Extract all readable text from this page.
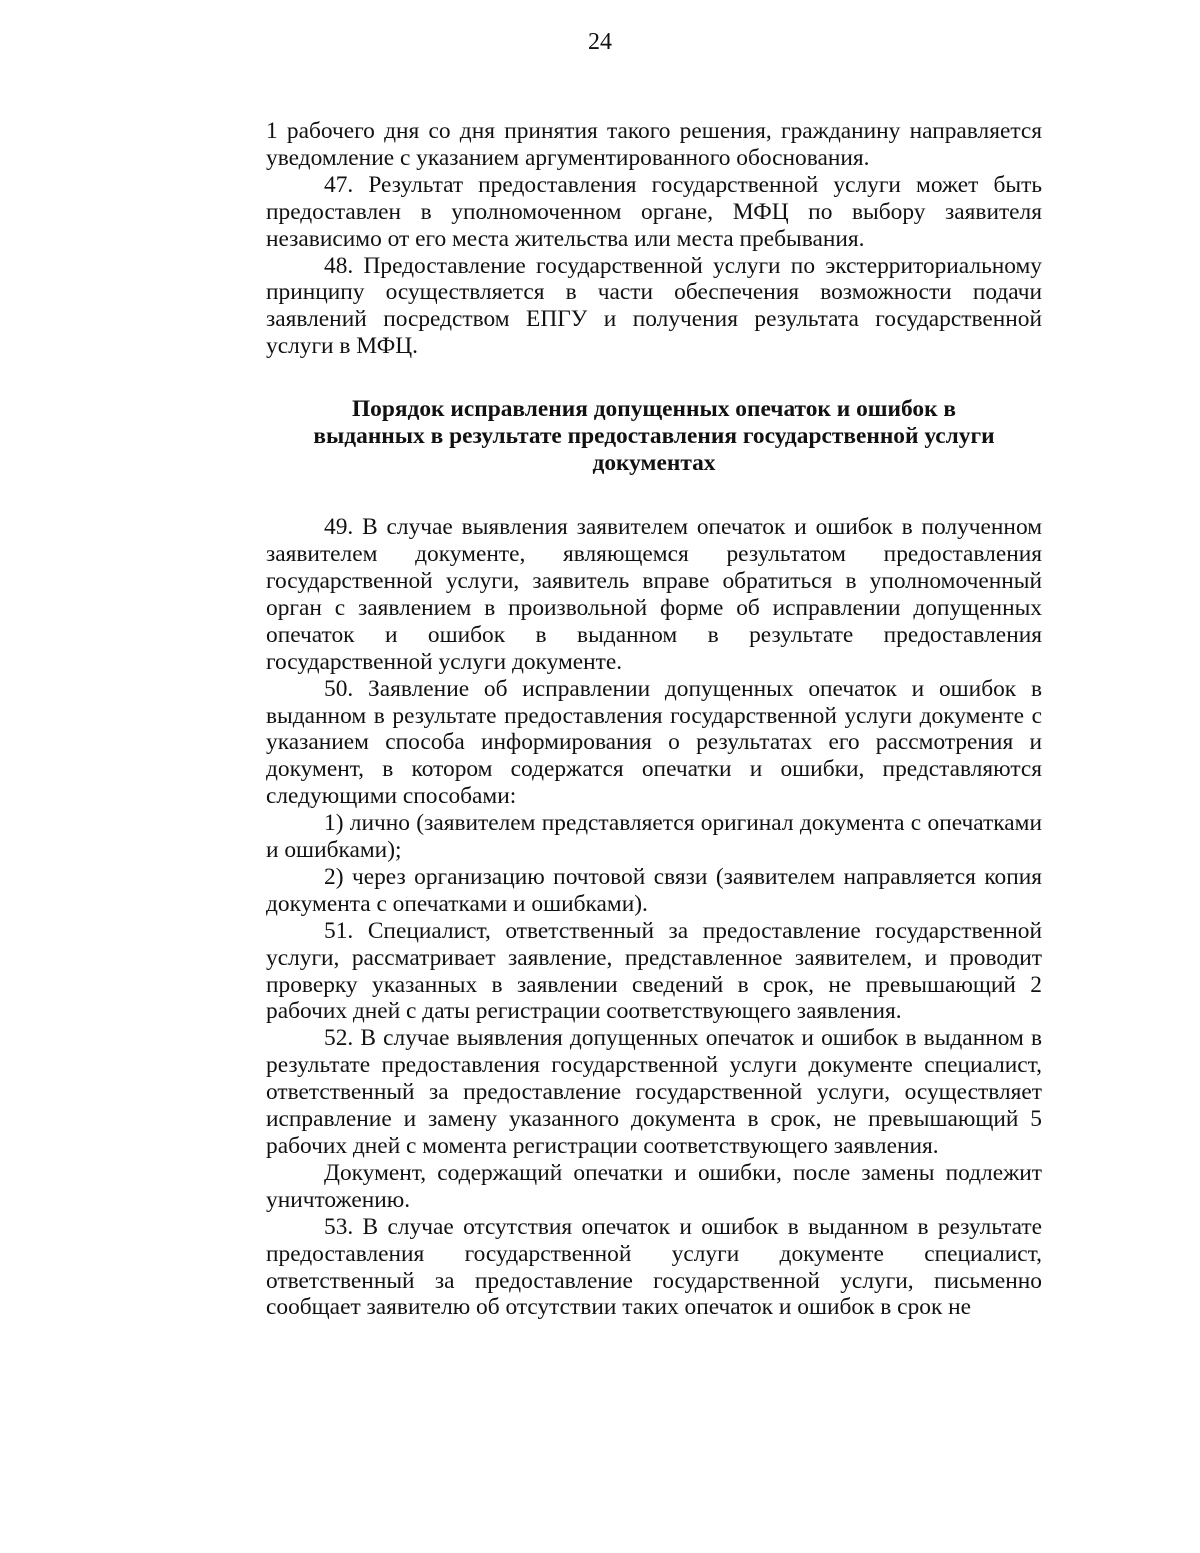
24

1 рабочего дня со дня принятия такого решения, гражданину направляется уведомление с указанием аргументированного обоснования.

47. Результат предоставления государственной услуги может быть предоставлен в уполномоченном органе, МФЦ по выбору заявителя независимо от его места жительства или места пребывания.

48. Предоставление государственной услуги по экстерриториальному принципу осуществляется в части обеспечения возможности подачи заявлений посредством ЕПГУ и получения результата государственной услуги в МФЦ.

Порядок исправления допущенных опечаток и ошибок в
выданных в результате предоставления государственной услуги
документах

49. В случае выявления заявителем опечаток и ошибок в полученном заявителем документе, являющемся результатом предоставления государственной услуги, заявитель вправе обратиться в уполномоченный орган с заявлением в произвольной форме об исправлении допущенных опечаток и ошибок в выданном в результате предоставления государственной услуги документе.

50. Заявление об исправлении допущенных опечаток и ошибок в выданном в результате предоставления государственной услуги документе с указанием способа информирования о результатах его рассмотрения и документ, в котором содержатся опечатки и ошибки, представляются следующими способами:

1) лично (заявителем представляется оригинал документа с опечатками и ошибками);

2) через организацию почтовой связи (заявителем направляется копия документа с опечатками и ошибками).

51. Специалист, ответственный за предоставление государственной услуги, рассматривает заявление, представленное заявителем, и проводит проверку указанных в заявлении сведений в срок, не превышающий 2 рабочих дней с даты регистрации соответствующего заявления.

52. В случае выявления допущенных опечаток и ошибок в выданном в результате предоставления государственной услуги документе специалист, ответственный за предоставление государственной услуги, осуществляет исправление и замену указанного документа в срок, не превышающий 5 рабочих дней с момента регистрации соответствующего заявления.

Документ, содержащий опечатки и ошибки, после замены подлежит уничтожению.

53. В случае отсутствия опечаток и ошибок в выданном в результате предоставления государственной услуги документе специалист, ответственный за предоставление государственной услуги, письменно сообщает заявителю об отсутствии таких опечаток и ошибок в срок не
